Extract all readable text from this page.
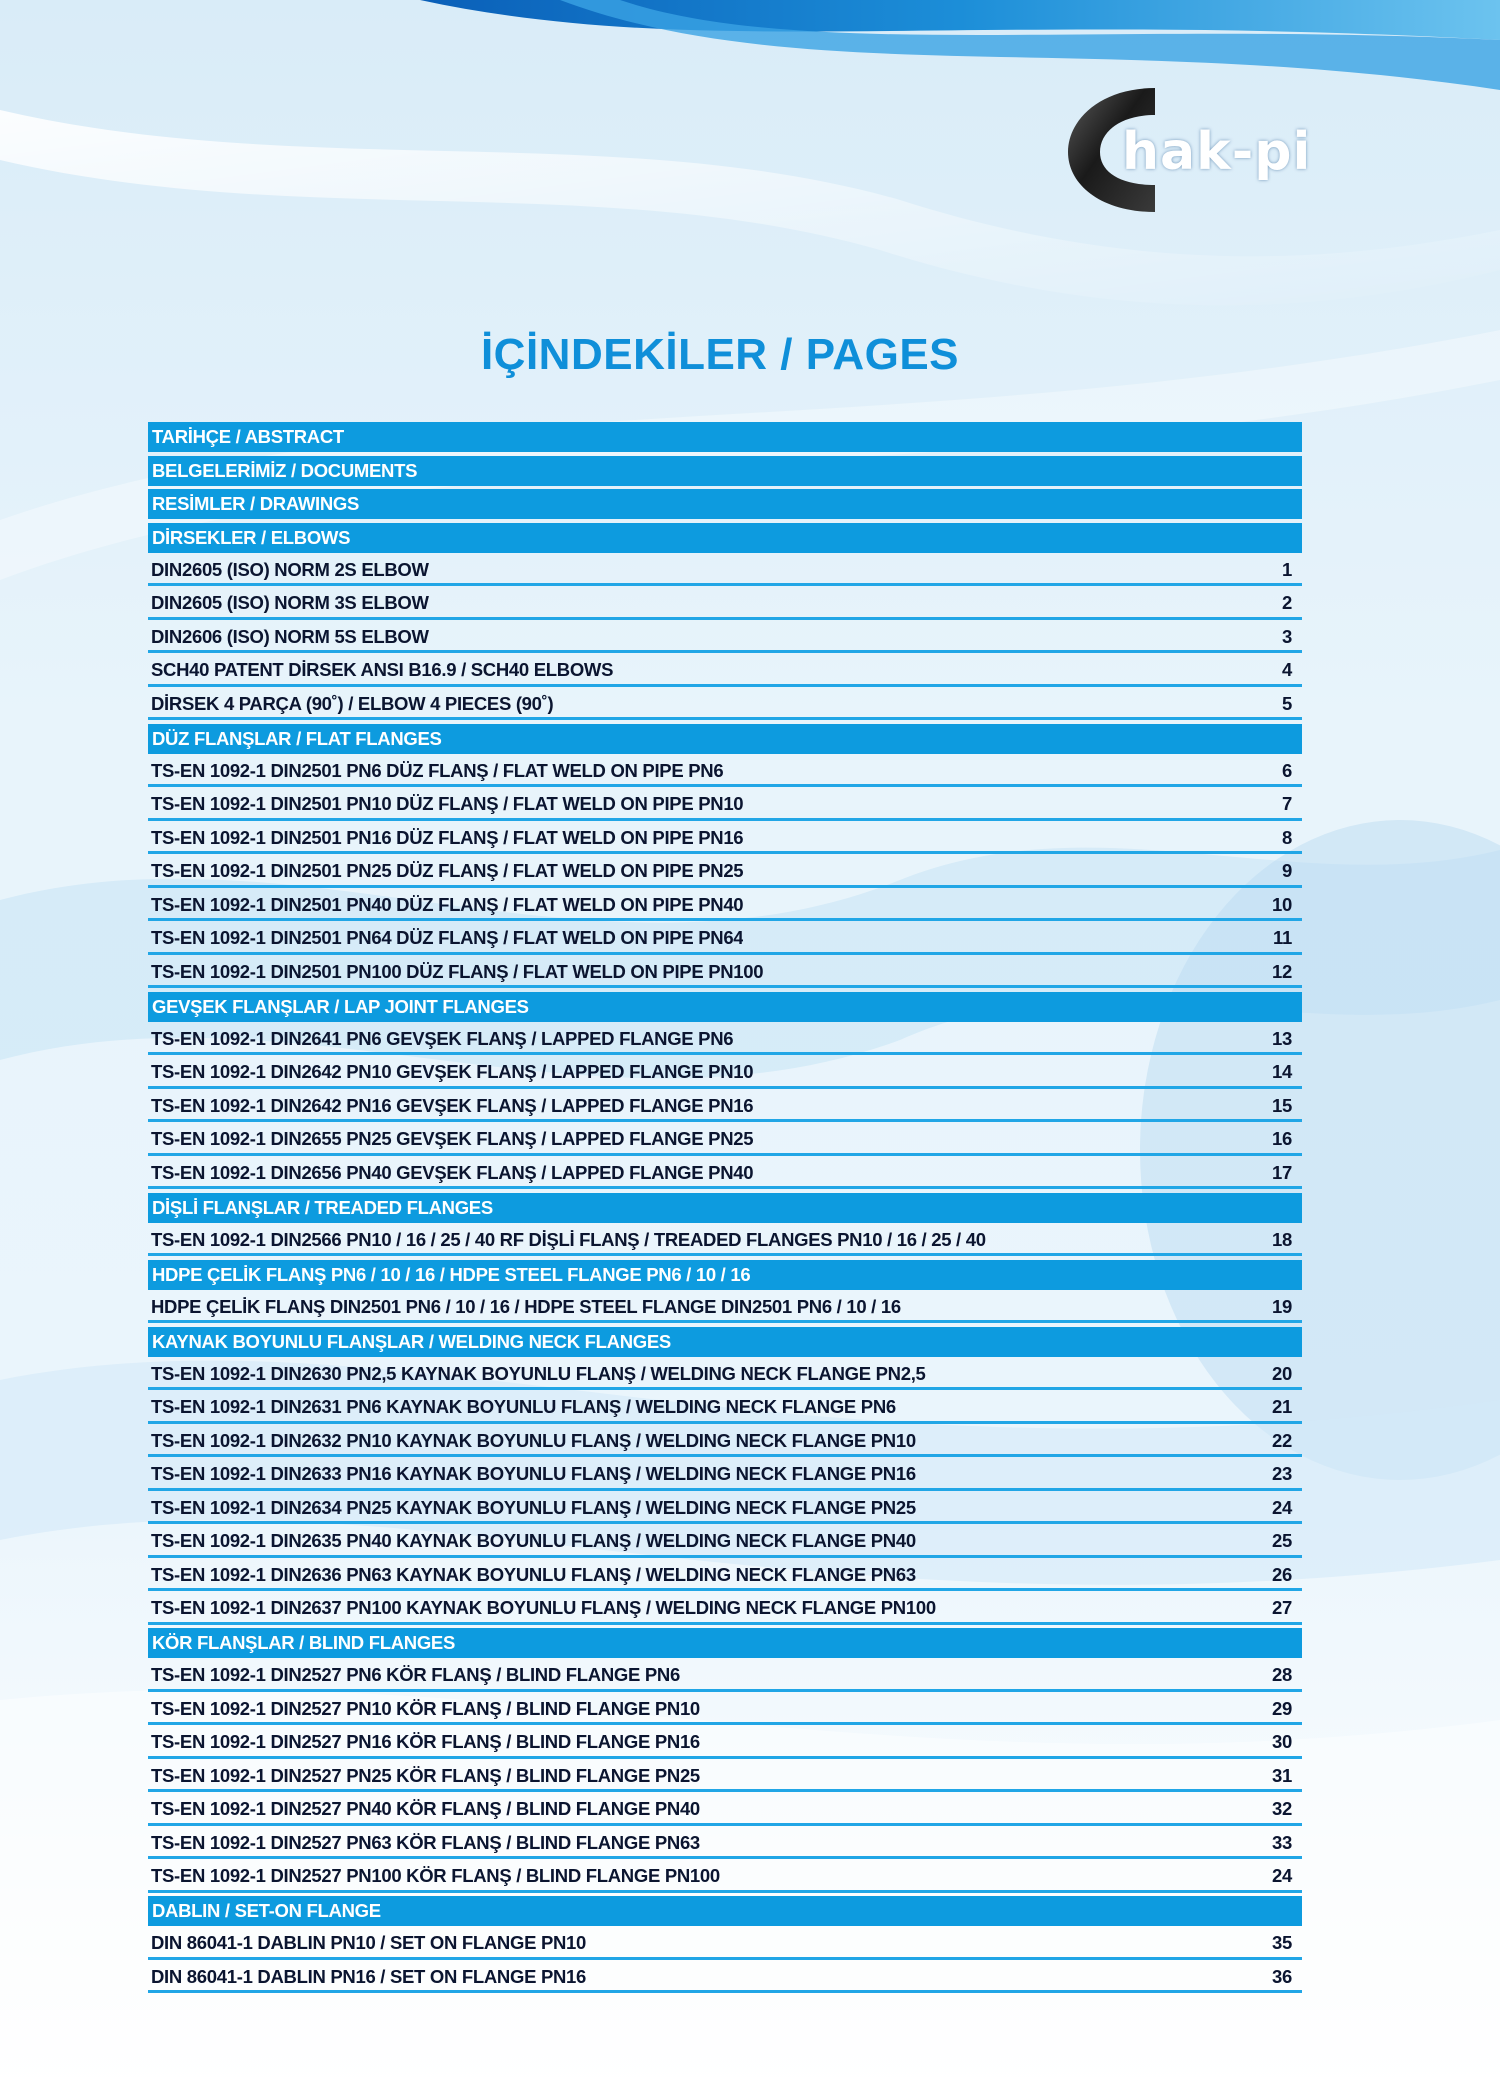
hak-pi
İÇİNDEKİLER / PAGES
TARİHÇE / ABSTRACT
BELGELERİMİZ / DOCUMENTS
RESİMLER / DRAWINGS
DİRSEKLER / ELBOWS
DIN2605 (ISO) NORM 2S ELBOW	1
DIN2605 (ISO) NORM 3S ELBOW	2
DIN2606 (ISO) NORM 5S ELBOW	3
SCH40 PATENT DİRSEK ANSI B16.9 / SCH40 ELBOWS	4
DİRSEK 4 PARÇA (90˚) / ELBOW 4 PIECES (90˚)	5
DÜZ FLANŞLAR / FLAT FLANGES
TS-EN 1092-1 DIN2501 PN6 DÜZ FLANŞ / FLAT WELD ON PIPE PN6	6
TS-EN 1092-1 DIN2501 PN10 DÜZ FLANŞ / FLAT WELD ON PIPE PN10	7
TS-EN 1092-1 DIN2501 PN16 DÜZ FLANŞ / FLAT WELD ON PIPE PN16	8
TS-EN 1092-1 DIN2501 PN25 DÜZ FLANŞ / FLAT WELD ON PIPE PN25	9
TS-EN 1092-1 DIN2501 PN40 DÜZ FLANŞ / FLAT WELD ON PIPE PN40	10
TS-EN 1092-1 DIN2501 PN64 DÜZ FLANŞ / FLAT WELD ON PIPE PN64	11
TS-EN 1092-1 DIN2501 PN100 DÜZ FLANŞ / FLAT WELD ON PIPE PN100	12
GEVŞEK FLANŞLAR / LAP JOINT FLANGES
TS-EN 1092-1 DIN2641 PN6 GEVŞEK FLANŞ / LAPPED FLANGE PN6	13
TS-EN 1092-1 DIN2642 PN10 GEVŞEK FLANŞ / LAPPED FLANGE PN10	14
TS-EN 1092-1 DIN2642 PN16 GEVŞEK FLANŞ / LAPPED FLANGE PN16	15
TS-EN 1092-1 DIN2655 PN25 GEVŞEK FLANŞ / LAPPED FLANGE PN25	16
TS-EN 1092-1 DIN2656 PN40 GEVŞEK FLANŞ / LAPPED FLANGE PN40	17
DİŞLİ FLANŞLAR / TREADED FLANGES
TS-EN 1092-1 DIN2566 PN10 / 16 / 25 / 40 RF DİŞLİ FLANŞ / TREADED FLANGES PN10 / 16 / 25 / 40	18
HDPE ÇELİK FLANŞ PN6 / 10 / 16 / HDPE STEEL FLANGE PN6 / 10 / 16
HDPE ÇELİK FLANŞ DIN2501 PN6 / 10 / 16 / HDPE STEEL FLANGE DIN2501 PN6 / 10 / 16	19
KAYNAK BOYUNLU FLANŞLAR / WELDING NECK FLANGES
TS-EN 1092-1 DIN2630 PN2,5 KAYNAK BOYUNLU FLANŞ / WELDING NECK FLANGE PN2,5	20
TS-EN 1092-1 DIN2631 PN6 KAYNAK BOYUNLU FLANŞ / WELDING NECK FLANGE PN6	21
TS-EN 1092-1 DIN2632 PN10 KAYNAK BOYUNLU FLANŞ / WELDING NECK FLANGE PN10	22
TS-EN 1092-1 DIN2633 PN16 KAYNAK BOYUNLU FLANŞ / WELDING NECK FLANGE PN16	23
TS-EN 1092-1 DIN2634 PN25 KAYNAK BOYUNLU FLANŞ / WELDING NECK FLANGE PN25	24
TS-EN 1092-1 DIN2635 PN40 KAYNAK BOYUNLU FLANŞ / WELDING NECK FLANGE PN40	25
TS-EN 1092-1 DIN2636 PN63 KAYNAK BOYUNLU FLANŞ / WELDING NECK FLANGE PN63	26
TS-EN 1092-1 DIN2637 PN100 KAYNAK BOYUNLU FLANŞ / WELDING NECK FLANGE PN100	27
KÖR FLANŞLAR / BLIND FLANGES
TS-EN 1092-1 DIN2527 PN6 KÖR FLANŞ / BLIND FLANGE PN6	28
TS-EN 1092-1 DIN2527 PN10 KÖR FLANŞ / BLIND FLANGE PN10	29
TS-EN 1092-1 DIN2527 PN16 KÖR FLANŞ / BLIND FLANGE PN16	30
TS-EN 1092-1 DIN2527 PN25 KÖR FLANŞ / BLIND FLANGE PN25	31
TS-EN 1092-1 DIN2527 PN40 KÖR FLANŞ / BLIND FLANGE PN40	32
TS-EN 1092-1 DIN2527 PN63 KÖR FLANŞ / BLIND FLANGE PN63	33
TS-EN 1092-1 DIN2527 PN100 KÖR FLANŞ / BLIND FLANGE PN100	24
DABLIN / SET-ON FLANGE
DIN 86041-1 DABLIN PN10 / SET ON FLANGE PN10	35
DIN 86041-1 DABLIN PN16 / SET ON FLANGE PN16	36
